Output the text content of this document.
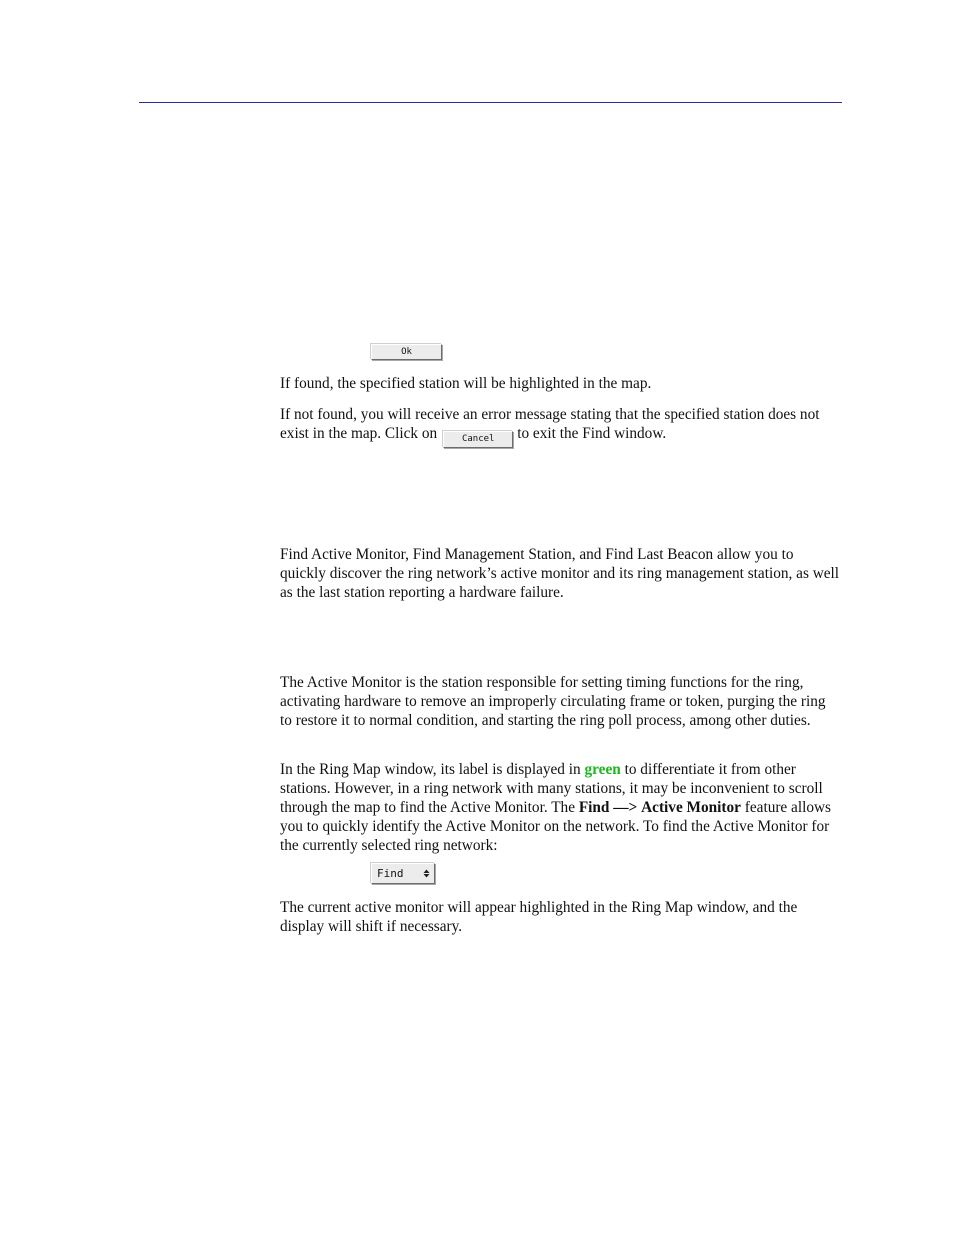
Ok

If found, the specified station will be highlighted in the map.

If not found, you will receive an error message stating that the specified station does not exist in the map. Click on	Cancel to exit the Find window.

Find Active Monitor, Find Management Station, and Find Last Beacon allow you to quickly discover the ring network’s active monitor and its ring management station, as well as the last station reporting a hardware failure.

The Active Monitor is the station responsible for setting timing functions for the ring, activating hardware to remove an improperly circulating frame or token, purging the ring to restore it to normal condition, and starting the ring poll process, among other duties.

In the Ring Map window, its label is displayed in green to differentiate it from other stations. However, in a ring network with many stations, it may be inconvenient to scroll through the map to find the Active Monitor. The Find —> Active Monitor feature allows you to quickly identify the Active Monitor on the network. To find the Active Monitor for the currently selected ring network:

Find

The current active monitor will appear highlighted in the Ring Map window, and the display will shift if necessary.
